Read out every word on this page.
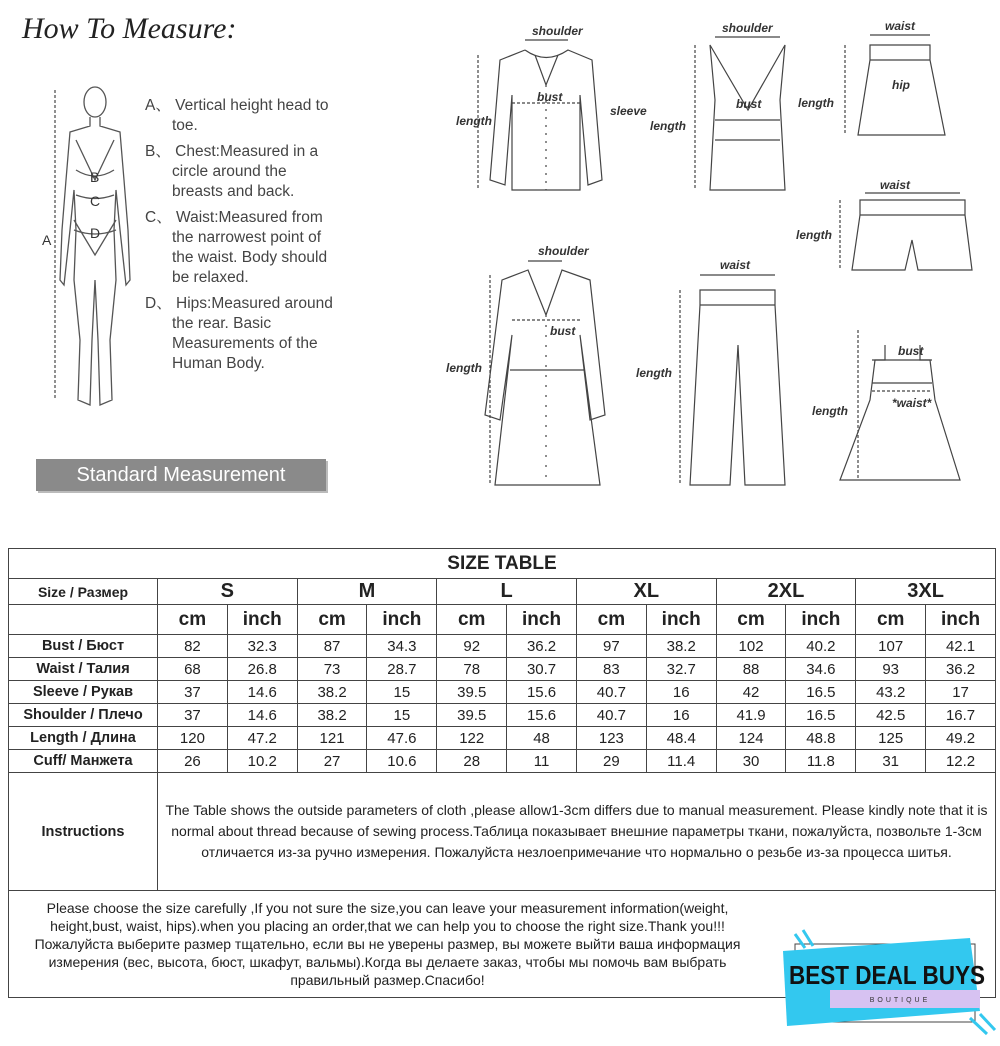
How To Measure:
B
C
D
A
A、 Vertical height head to toe.
B、 Chest:Measured in a circle around the breasts and back.
C、 Waist:Measured from the narrowest point of the waist. Body should be relaxed.
D、 Hips:Measured around the rear. Basic Measurements of the Human Body.
Standard Measurement
shoulder
bust
sleeve
length
shoulder
bust
length
waist
hip
length
waist
length
shoulder
bust
length
waist
length
bust
*waist*
length
SIZE TABLE												
Size / Размер	S		M		L		XL		2XL		3XL	
	cm	inch	cm	inch	cm	inch	cm	inch	cm	inch	cm	inch
Bust / Бюст	82	32.3	87	34.3	92	36.2	97	38.2	102	40.2	107	42.1
Waist / Талия	68	26.8	73	28.7	78	30.7	83	32.7	88	34.6	93	36.2
Sleeve / Рукав	37	14.6	38.2	15	39.5	15.6	40.7	16	42	16.5	43.2	17
Shoulder / Плечо	37	14.6	38.2	15	39.5	15.6	40.7	16	41.9	16.5	42.5	16.7
Length / Длина	120	47.2	121	47.6	122	48	123	48.4	124	48.8	125	49.2
Cuff/ Манжета	26	10.2	27	10.6	28	11	29	11.4	30	11.8	31	12.2
Instructions	The Table shows the outside parameters of cloth ,please allow1-3cm differs due to manual measurement. Please kindly note that it is normal about thread because of sewing process.Таблица показывает внешние параметры ткани, пожалуйста, позвольте 1-3см отличается из-за ручно измерения. Пожалуйста незлоепримечание что нормально о резьбе из-за процесса шитья.											
Please choose the size carefully ,If you not sure the size,you can leave your measurement information(weight, height,bust, waist, hips).when you placing an order,that we can help you to choose the right size.Thank you!!! Пожалуйста выберите размер тщательно, если вы не уверены размер, вы можете выйти ваша информация измерения (вес, высота, бюст, шкафут, вальмы).Когда вы делаете заказ, чтобы мы помочь вам выбрать правильный размер.Спасибо!													BEST DEAL BUYS
BOUTIQUE
